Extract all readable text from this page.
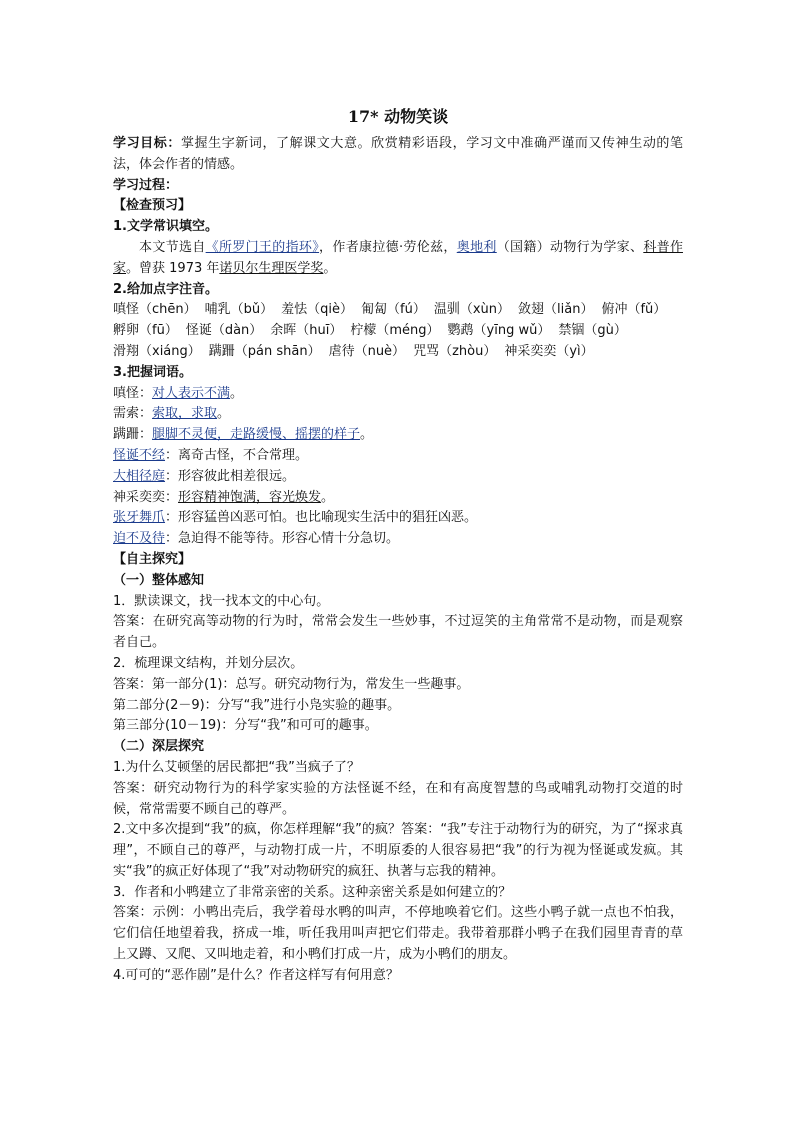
17* 动物笑谈
学习目标：掌握生字新词，了解课文大意。欣赏精彩语段，学习文中准确严谨而又传神生动的笔法，体会作者的情感。
学习过程：
【检查预习】
1.文学常识填空。
本文节选自《所罗门王的指环》，作者康拉德·劳伦兹，奥地利（国籍）动物行为学家、科普作家。曾获 1973 年诺贝尔生理医学奖。
2.给加点字注音。
嗔怪（chēn） 哺乳（bǔ） 羞怯（qiè） 匍匐（fú） 温驯（xùn） 敛翅（liǎn） 俯冲（fǔ）
孵卵（fū） 怪诞（dàn） 余晖（huī） 柠檬（méng） 鹦鹉（yīng wǔ） 禁锢（gù）
滑翔（xiáng） 蹒跚（pán shān） 虐待（nuè） 咒骂（zhòu） 神采奕奕（yì）
3.把握词语。
嗔怪：对人表示不满。
需索：索取，求取。
蹒跚：腿脚不灵便，走路缓慢、摇摆的样子。
怪诞不经：离奇古怪，不合常理。
大相径庭：形容彼此相差很远。
神采奕奕：形容精神饱满，容光焕发。
张牙舞爪：形容猛兽凶恶可怕。也比喻现实生活中的猖狂凶恶。
迫不及待：急迫得不能等待。形容心情十分急切。
【自主探究】
（一）整体感知
1．默读课文，找一找本文的中心句。
答案：在研究高等动物的行为时，常常会发生一些妙事，不过逗笑的主角常常不是动物，而是观察者自己。
2．梳理课文结构，并划分层次。
答案：第一部分(1)：总写。研究动物行为，常发生一些趣事。
第二部分(2－9)：分写“我”进行小凫实验的趣事。
第三部分(10－19)：分写“我”和可可的趣事。
（二）深层探究
1.为什么艾顿堡的居民都把“我”当疯子了？
答案：研究动物行为的科学家实验的方法怪诞不经，在和有高度智慧的鸟或哺乳动物打交道的时候，常常需要不顾自己的尊严。
2.文中多次提到“我”的疯，你怎样理解“我”的疯？答案：“我”专注于动物行为的研究，为了“探求真理”，不顾自己的尊严，与动物打成一片，不明原委的人很容易把“我”的行为视为怪诞或发疯。其实“我”的疯正好体现了“我”对动物研究的疯狂、执著与忘我的精神。
3．作者和小鸭建立了非常亲密的关系。这种亲密关系是如何建立的？
答案：示例：小鸭出壳后，我学着母水鸭的叫声，不停地唤着它们。这些小鸭子就一点也不怕我，它们信任地望着我，挤成一堆，听任我用叫声把它们带走。我带着那群小鸭子在我们园里青青的草上又蹲、又爬、又叫地走着，和小鸭们打成一片，成为小鸭们的朋友。
4.可可的“恶作剧”是什么？作者这样写有何用意？
